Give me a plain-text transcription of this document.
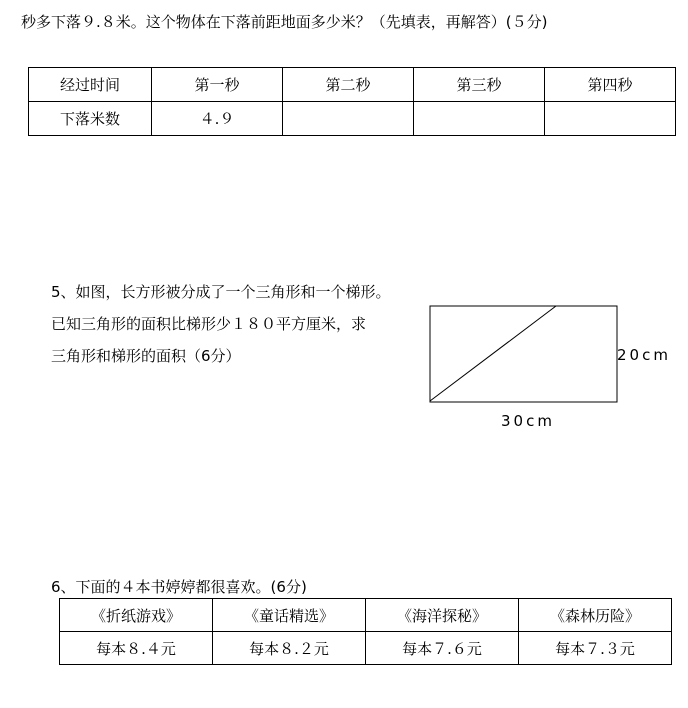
秒多下落９.８米。这个物体在下落前距地面多少米？（先填表，再解答）(５分)
经过时间	第一秒	第二秒	第三秒	第四秒
下落米数	４.９			
5、如图，长方形被分成了一个三角形和一个梯形。
已知三角形的面积比梯形少１８０平方厘米，求
三角形和梯形的面积（6分）	20cm
30cm
6、下面的４本书婷婷都很喜欢。(6分)
《折纸游戏》	《童话精选》	《海洋探秘》	《森林历险》
每本８.４元	每本８.２元	每本７.６元	每本７.３元
